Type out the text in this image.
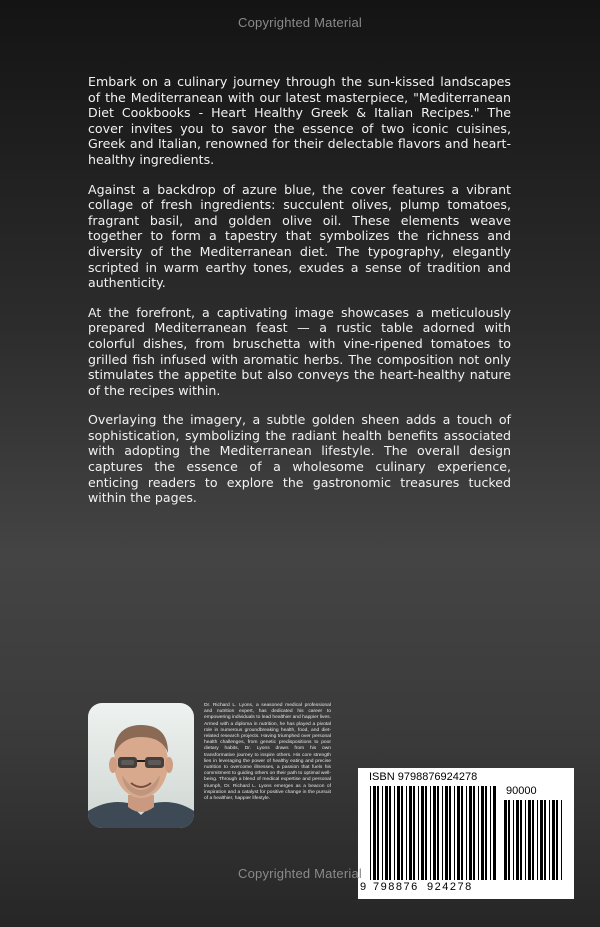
Copyrighted Material

Embark on a culinary journey through the sun-kissed landscapes of the Mediterranean with our latest masterpiece, "Mediterranean Diet Cookbooks - Heart Healthy Greek & Italian Recipes." The cover invites you to savor the essence of two iconic cuisines, Greek and Italian, renowned for their delectable flavors and heart-healthy ingredients.

Against a backdrop of azure blue, the cover features a vibrant collage of fresh ingredients: succulent olives, plump tomatoes, fragrant basil, and golden olive oil. These elements weave together to form a tapestry that symbolizes the richness and diversity of the Mediterranean diet. The typography, elegantly scripted in warm earthy tones, exudes a sense of tradition and authenticity.

At the forefront, a captivating image showcases a meticulously prepared Mediterranean feast — a rustic table adorned with colorful dishes, from bruschetta with vine-ripened tomatoes to grilled fish infused with aromatic herbs. The composition not only stimulates the appetite but also conveys the heart-healthy nature of the recipes within.

Overlaying the imagery, a subtle golden sheen adds a touch of sophistication, symbolizing the radiant health benefits associated with adopting the Mediterranean lifestyle. The overall design captures the essence of a wholesome culinary experience, enticing readers to explore the gastronomic treasures tucked within the pages.

Dr. Richard L. Lyons, a seasoned medical professional and nutrition expert, has dedicated his career to empowering individuals to lead healthier and happier lives. Armed with a diploma in nutrition, he has played a pivotal role in numerous groundbreaking health, food, and diet-related research projects. Having triumphed over personal health challenges, from genetic predispositions to poor dietary habits, Dr. Lyons draws from his own transformative journey to inspire others. His core strength lies in leveraging the power of healthy eating and precise nutrition to overcome illnesses, a passion that fuels his commitment to guiding others on their path to optimal well-being. Through a blend of medical expertise and personal triumph, Dr. Richard L. Lyons emerges as a beacon of inspiration and a catalyst for positive change in the pursuit of a healthier, happier lifestyle.
ISBN 9798876924278
90000
9 798876 924278
Copyrighted Material
